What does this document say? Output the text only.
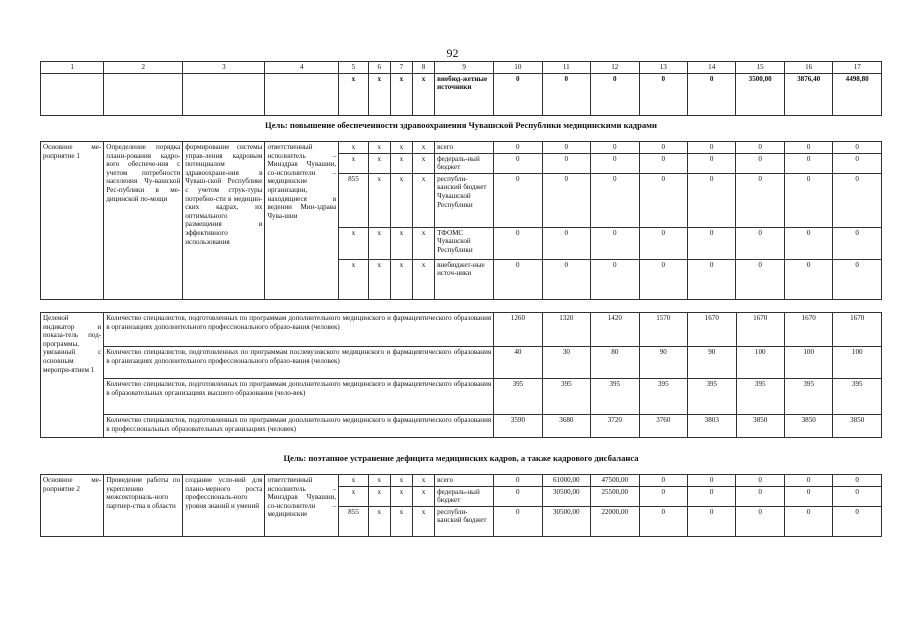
92
1	2	3	4	5	6	7	8	9	10	11	12	13	14	15	16	17
				x	x	x	x	внебюд-жетные источники	0	0	0	0	0	3500,00	3876,40	4498,80
Цель: повышение обеспеченности здравоохранения Чувашской Республики медицинскими кадрами
Основное ме-роприятие 1	Определение порядка плани-рования кадро-вого обеспече-ния с учетом потребности населения Чу-вашской Рес-публики в ме-дицинской по-мощи	формирование системы управ-ления кадровым потенциалом здравоохране-ния в Чуваш-ской Республике с учетом струк-туры потребно-сти в медицин-ских кадрах, их оптимального размещения и эффективного использования	ответственный исполнитель – Минздрав Чувашии, со-исполнители – медицинские организации, находящиеся в ведении Мин-здрава Чува-шии	x	x	x	x	всего	0	0	0	0	0	0	0	0
				x	x	x	x	федераль-ный бюджет	0	0	0	0	0	0	0	0
				855	x	x	x	республи-канский бюджет Чувашской Республики	0	0	0	0	0	0	0	0
				x	x	x	x	ТФОМС Чувашской Республики	0	0	0	0	0	0	0	0
				x	x	x	x	внебюджет-ные источ-ники	0	0	0	0	0	0	0	0
Целевой индикатор и показа-тель под-программы, увязанный с основным меропри-ятием 1	Количество специалистов, подготовленных по программам дополнительного медицинского и фармацевтического образования в организациях дополнительного профессионального образо-вания (человек)	1260	1320	1420	1570	1670	1670	1670	1670
	Количество специалистов, подготовленных по программам послевузовского медицинского и фармацевтического образования в организациях дополнительного профессионального образо-вания (человек)	40	30	80	90	90	100	100	100
	Количество специалистов, подготовленных по программам дополнительного медицинского и фармацевтического образования в образовательных организациях высшего образования (чело-век)	395	395	395	395	395	395	395	395
	Количество специалистов, подготовленных по программам дополнительного медицинского и фармацевтического образования в профессиональных образовательных организациях (человек)	3590	3680	3720	3760	3803	3850	3850	3850
Цель: поэтапное устранение дефицита медицинских кадров, а также кадрового дисбаланса
Основное ме-роприятие 2	Проведение работы по укреплению межсекториаль-ного партнер-ства в области	создание усло-вий для плано-мерного роста профессиональ-ного уровня знаний и умений	ответственный исполнитель – Минздрав Чувашии, со-исполнители – медицинские	x	x	x	x	всего	0	61000,00	47500,00	0	0	0	0	0
				x	x	x	x	федераль-ный бюджет	0	30500,00	25500,00	0	0	0	0	0
				855	x	x	x	республи-канский бюджет	0	30500,00	22000,00	0	0	0	0	0
